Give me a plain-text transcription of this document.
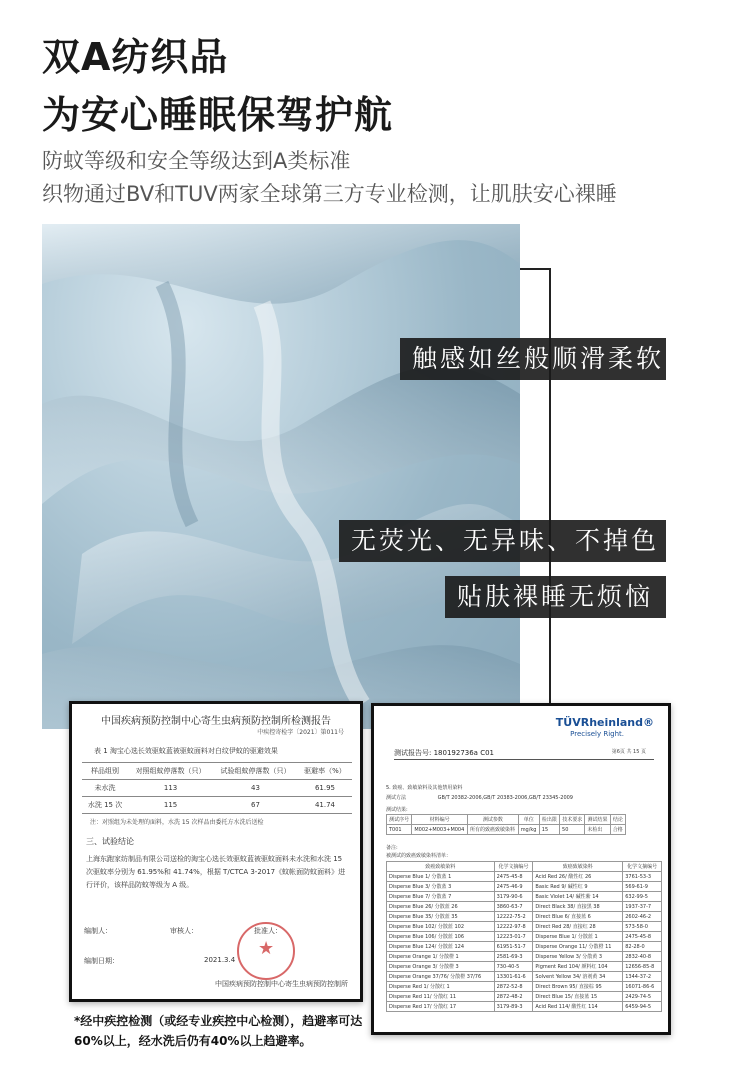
双A纺织品
为安心睡眠保驾护航
防蚊等级和安全等级达到A类标准
织物通过BV和TUV两家全球第三方专业检测，让肌肤安心裸睡
触感如丝般顺滑柔软
无荧光、无异味、不掉色
贴肤裸睡无烦恼
中国疾病预防控制中心寄生虫病预防控制所检测报告
中疾控寄检字〔2021〕第011号
表 1 淘宝心选长效驱蚊蓝被驱蚊面料对白纹伊蚊的驱避效果
样品组别	对照组蚊停落数（只）	试验组蚊停落数（只）	驱避率（%）
未水洗	113	43	61.95
水洗 15 次	115	67	41.74
注：对照组为未处理的面料，水洗 15 次样品由委托方水洗后送检
三、试验结论
上海东跑家纺制品有限公司送检的淘宝心选长效驱蚊蓝被驱蚊面料未水洗和水洗 15 次驱蚊率分别为 61.95%和 41.74%，根据 T/CTCA 3-2017《蚊帐面防蚊面料》进行评价，该样品防蚊等级为 A 级。
编制人：	审核人：	批准人：
编制日期：	2021.3.4
★
中国疾病预防控制中心寄生虫病预防控制所
TÜVRheinland®
Precisely Right.
测试报告号: 180192736a C01	第6页 共 15 页
5. 致癌、致敏染料及其他禁用染料
测试方法	GB/T 20382-2006,GB/T 20383-2006,GB/T 23345-2009
测试结果:
测试序号	材料编号	测试参数	单位	检出限	技术要求	测试结果	结论
T001	M002+M003+M004	所有的致癌致敏染料	mg/kg	15	50	未检出	合格
备注:
被测试的致癌致敏染料清单：
致癌致敏染料	化学文摘编号	致癌致敏染料	化学文摘编号
Disperse Blue 1/ 分散蓝 1	2475-45-8	Acid Red 26/ 酸性红 26	3761-53-3
Disperse Blue 3/ 分散蓝 3	2475-46-9	Basic Red 9/ 碱性红 9	569-61-9
Disperse Blue 7/ 分散蓝 7	3179-90-6	Basic Violet 14/ 碱性紫 14	632-99-5
Disperse Blue 26/ 分散蓝 26	3860-63-7	Direct Black 38/ 直接黑 38	1937-37-7
Disperse Blue 35/ 分散蓝 35	12222-75-2	Direct Blue 6/ 直接蓝 6	2602-46-2
Disperse Blue 102/ 分散蓝 102	12222-97-8	Direct Red 28/ 直接红 28	573-58-0
Disperse Blue 106/ 分散蓝 106	12223-01-7	Disperse Blue 1/ 分散蓝 1	2475-45-8
Disperse Blue 124/ 分散蓝 124	61951-51-7	Disperse Orange 11/ 分散橙 11	82-28-0
Disperse Orange 1/ 分散橙 1	2581-69-3	Disperse Yellow 3/ 分散黄 3	2832-40-8
Disperse Orange 3/ 分散橙 3	730-40-5	Pigment Red 104/ 颜料红 104	12656-85-8
Disperse Orange 37/76/ 分散橙 37/76	13301-61-6	Solvent Yellow 34/ 溶剂黄 34	1344-37-2
Disperse Red 1/ 分散红 1	2872-52-8	Direct Brown 95/ 直接棕 95	16071-86-6
Disperse Red 11/ 分散红 11	2872-48-2	Direct Blue 15/ 直接蓝 15	2429-74-5
Disperse Red 17/ 分散红 17	3179-89-3	Acid Red 114/ 酸性红 114	6459-94-5
*经中疾控检测（或经专业疾控中心检测），趋避率可达60%以上，经水洗后仍有40%以上趋避率。
